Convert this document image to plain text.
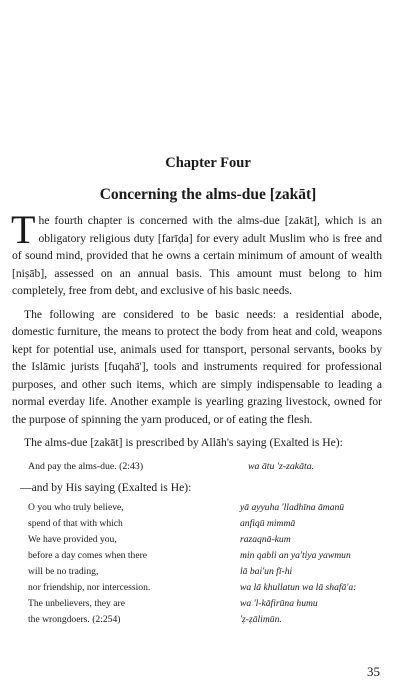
Chapter Four
Concerning the alms-due [zakāt]

The fourth chapter is concerned with the alms-due [zakāt], which is an obligatory religious duty [farīḍa] for every adult Muslim who is free and of sound mind, provided that he owns a certain minimum of amount of wealth [niṣāb], assessed on an annual basis. This amount must belong to him completely, free from debt, and exclusive of his basic needs.

The following are considered to be basic needs: a residential abode, domestic furniture, the means to protect the body from heat and cold, weapons kept for potential use, animals used for ttansport, personal servants, books by the Islāmic jurists [fuqahā'], tools and instruments required for professional purposes, and other such items, which are simply indispensable to leading a normal everday life. Another example is yearling grazing livestock, owned for the purpose of spinning the yarn produced, or of eating the flesh.

The alms-due [zakāt] is prescribed by Allāh's saying (Exalted is He):

And pay the alms-due. (2:43)	wa ātu 'z-zakāta.
—and by His saying (Exalted is He):
O you who truly believe,
spend of that with which
We have provided you,
before a day comes when there
will be no trading,
nor friendship, nor intercession.
The unbelievers, they are
the wrongdoers. (2:254)
yā ayyuha 'lladhīna āmanū
anfiqū mimmā
razaqnā-kum
min qabli an ya'tiya yawmun
lā bai'un fī-hi
wa lā khullatun wa lā shafā'a:
wa 'l-kāfirūna humu
'ẓ-ẓālimūn.
35
